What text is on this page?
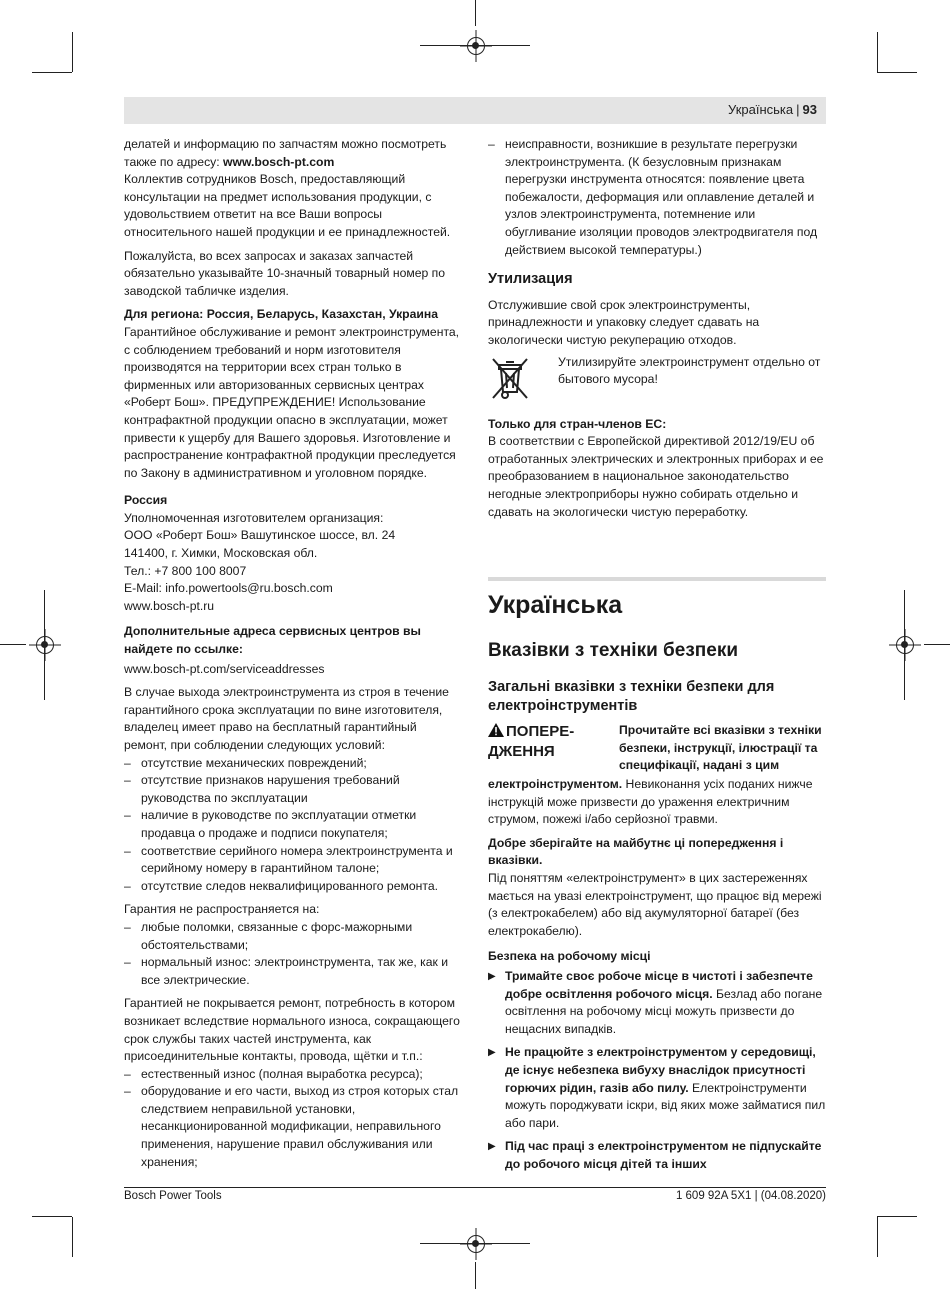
Українська | 93

делатей и информацию по запчастям можно посмотреть также по адресу: www.bosch-pt.com
Коллектив сотрудников Bosch, предоставляющий консультации на предмет использования продукции, с удовольствием ответит на все Ваши вопросы относительного нашей продукции и ее принадлежностей.

Пожалуйста, во всех запросах и заказах запчастей обязательно указывайте 10-значный товарный номер по заводской табличке изделия.

Для региона: Россия, Беларусь, Казахстан, Украина

Гарантийное обслуживание и ремонт электроинструмента, с соблюдением требований и норм изготовителя производятся на территории всех стран только в фирменных или авторизованных сервисных центрах «Роберт Бош». ПРЕДУПРЕЖДЕНИЕ! Использование контрафактной продукции опасно в эксплуатации, может привести к ущербу для Вашего здоровья. Изготовление и распространение контрафактной продукции преследуется по Закону в административном и уголовном порядке.

Россия

Уполномоченная изготовителем организация:
ООО «Роберт Бош» Вашутинское шоссе, вл. 24
141400, г. Химки, Московская обл.
Тел.: +7 800 100 8007
E-Mail: info.powertools@ru.bosch.com
www.bosch-pt.ru

Дополнительные адреса сервисных центров вы найдете по ссылке:

www.bosch-pt.com/serviceaddresses

В случае выхода электроинструмента из строя в течение гарантийного срока эксплуатации по вине изготовителя, владелец имеет право на бесплатный гарантийный ремонт, при соблюдении следующих условий:

– отсутствие механических повреждений;

– отсутствие признаков нарушения требований руководства по эксплуатации

– наличие в руководстве по эксплуатации отметки продавца о продаже и подписи покупателя;

– соответствие серийного номера электроинструмента и серийному номеру в гарантийном талоне;

– отсутствие следов неквалифицированного ремонта.

Гарантия не распространяется на:

– любые поломки, связанные с форс-мажорными обстоятельствами;

– нормальный износ: электроинструмента, так же, как и все электрические.

Гарантией не покрывается ремонт, потребность в котором возникает вследствие нормального износа, сокращающего срок службы таких частей инструмента, как присоединительные контакты, провода, щётки и т.п.:

– естественный износ (полная выработка ресурса);

– оборудование и его части, выход из строя которых стал следствием неправильной установки, несанкционированной модификации, неправильного применения, нарушение правил обслуживания или хранения;

– неисправности, возникшие в результате перегрузки электроинструмента. (К безусловным признакам перегрузки инструмента относятся: появление цвета побежалости, деформация или оплавление деталей и узлов электроинструмента, потемнение или обугливание изоляции проводов электродвигателя под действием высокой температуры.)

Утилизация

Отслужившие свой срок электроинструменты, принадлежности и упаковку следует сдавать на экологически чистую рекуперацию отходов.

Утилизируйте электроинструмент отдельно от бытового мусора!

Только для стран-членов ЕС:

В соответствии с Европейской директивой 2012/19/EU об отработанных электрических и электронных приборах и ее преобразованием в национальное законодательство негодные электроприборы нужно собирать отдельно и сдавать на экологически чистую переработку.

Українська
Вказівки з техніки безпеки
Загальні вказівки з техніки безпеки для електроінструментів
ПОПЕРЕ-ДЖЕННЯ
Прочитайте всі вказівки з техніки безпеки, інструкції, ілюстрації та специфікації, надані з цим

електроінструментом. Невиконання усіх поданих нижче інструкцій може призвести до ураження електричним струмом, пожежі і/або серйозної травми.

Добре зберігайте на майбутнє ці попередження і вказівки.

Під поняттям «електроінструмент» в цих застереженнях мається на увазі електроінструмент, що працює від мережі (з електрокабелем) або від акумуляторної батареї (без електрокабелю).

Безпека на робочому місці

▶ Тримайте своє робоче місце в чистоті і забезпечте добре освітлення робочого місця. Безлад або погане освітлення на робочому місці можуть призвести до нещасних випадків.

▶ Не працюйте з електроінструментом у середовищі, де існує небезпека вибуху внаслідок присутності горючих рідин, газів або пилу. Електроінструменти можуть породжувати іскри, від яких може займатися пил або пари.

▶ Під час праці з електроінструментом не підпускайте до робочого місця дітей та інших

Bosch Power Tools	1 609 92A 5X1 | (04.08.2020)
